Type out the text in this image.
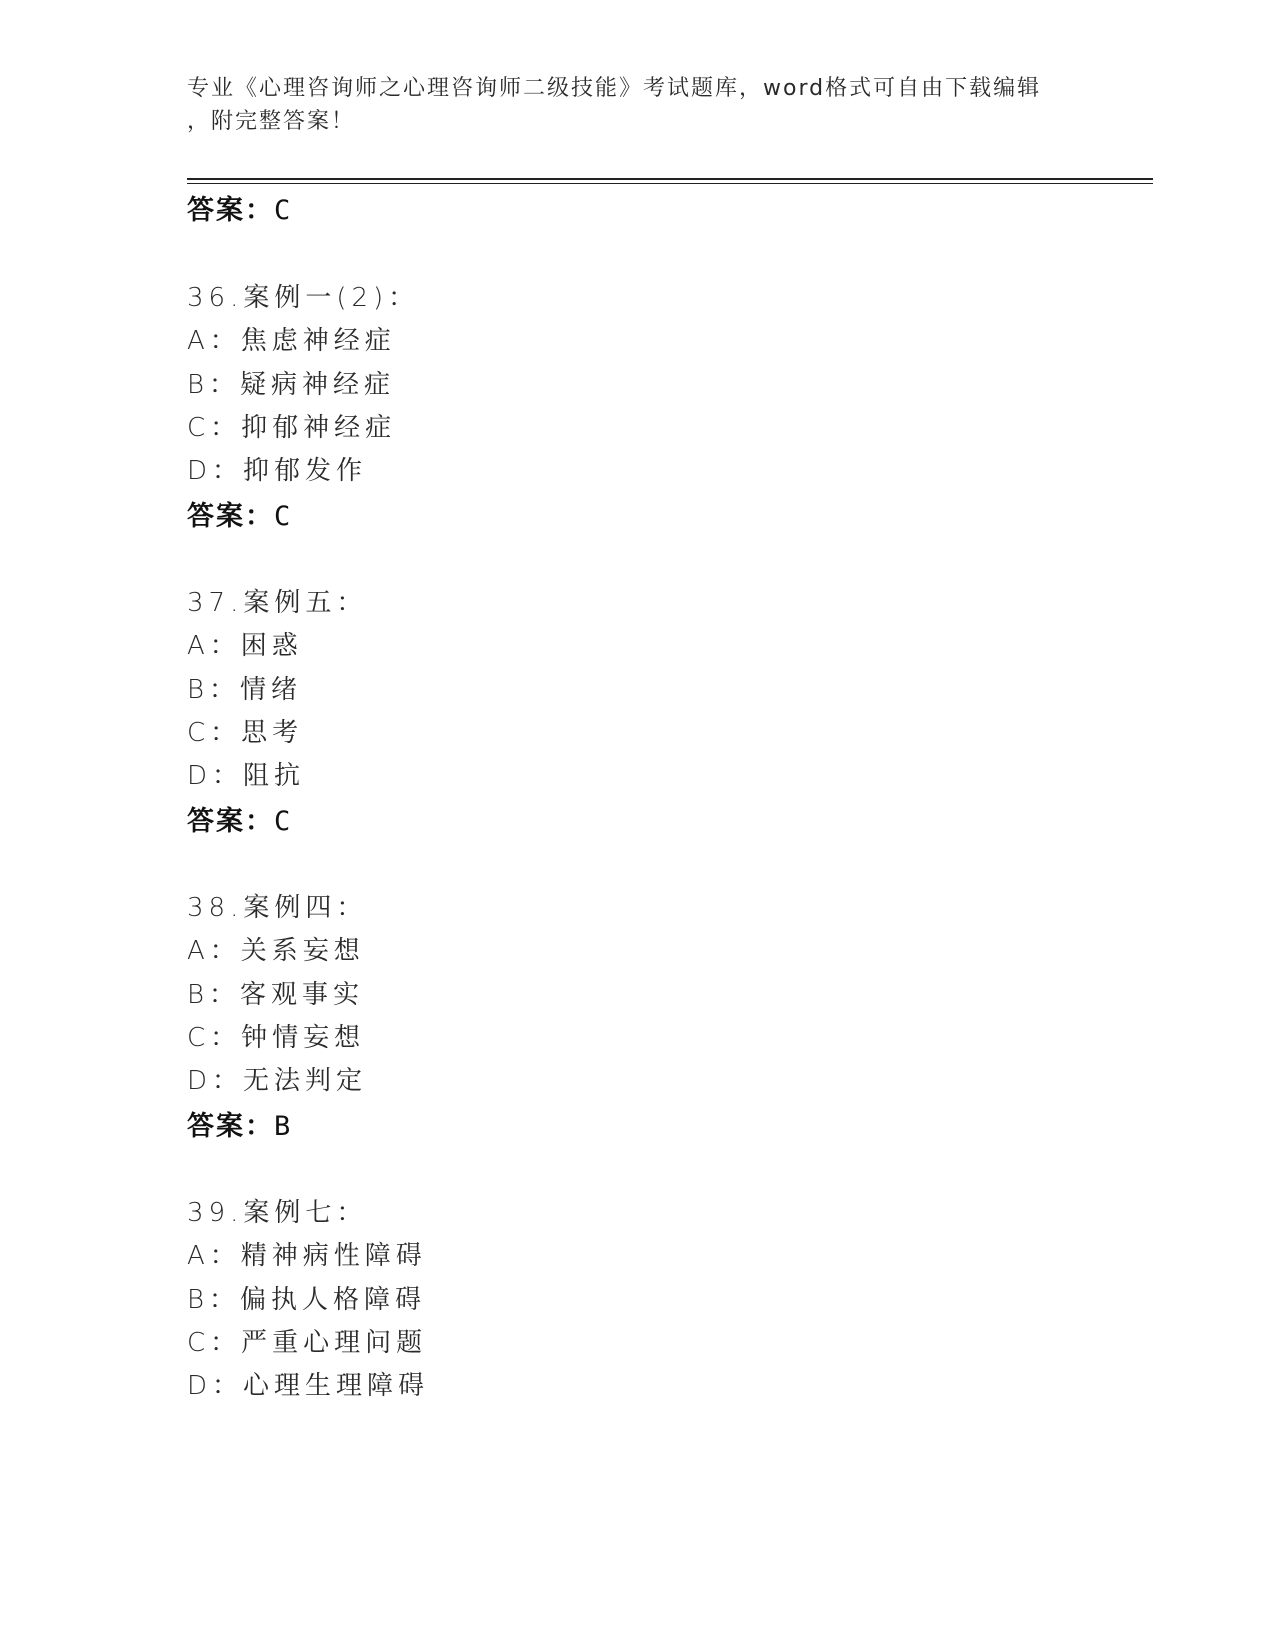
专业《心理咨询师之心理咨询师二级技能》考试题库，word格式可自由下载编辑
，附完整答案！
答案：C
36.案例一(2)：
A：焦虑神经症
B：疑病神经症
C：抑郁神经症
D：抑郁发作
答案：C
37.案例五：
A：困惑
B：情绪
C：思考
D：阻抗
答案：C
38.案例四：
A：关系妄想
B：客观事实
C：钟情妄想
D：无法判定
答案：B
39.案例七：
A：精神病性障碍
B：偏执人格障碍
C：严重心理问题
D：心理生理障碍
